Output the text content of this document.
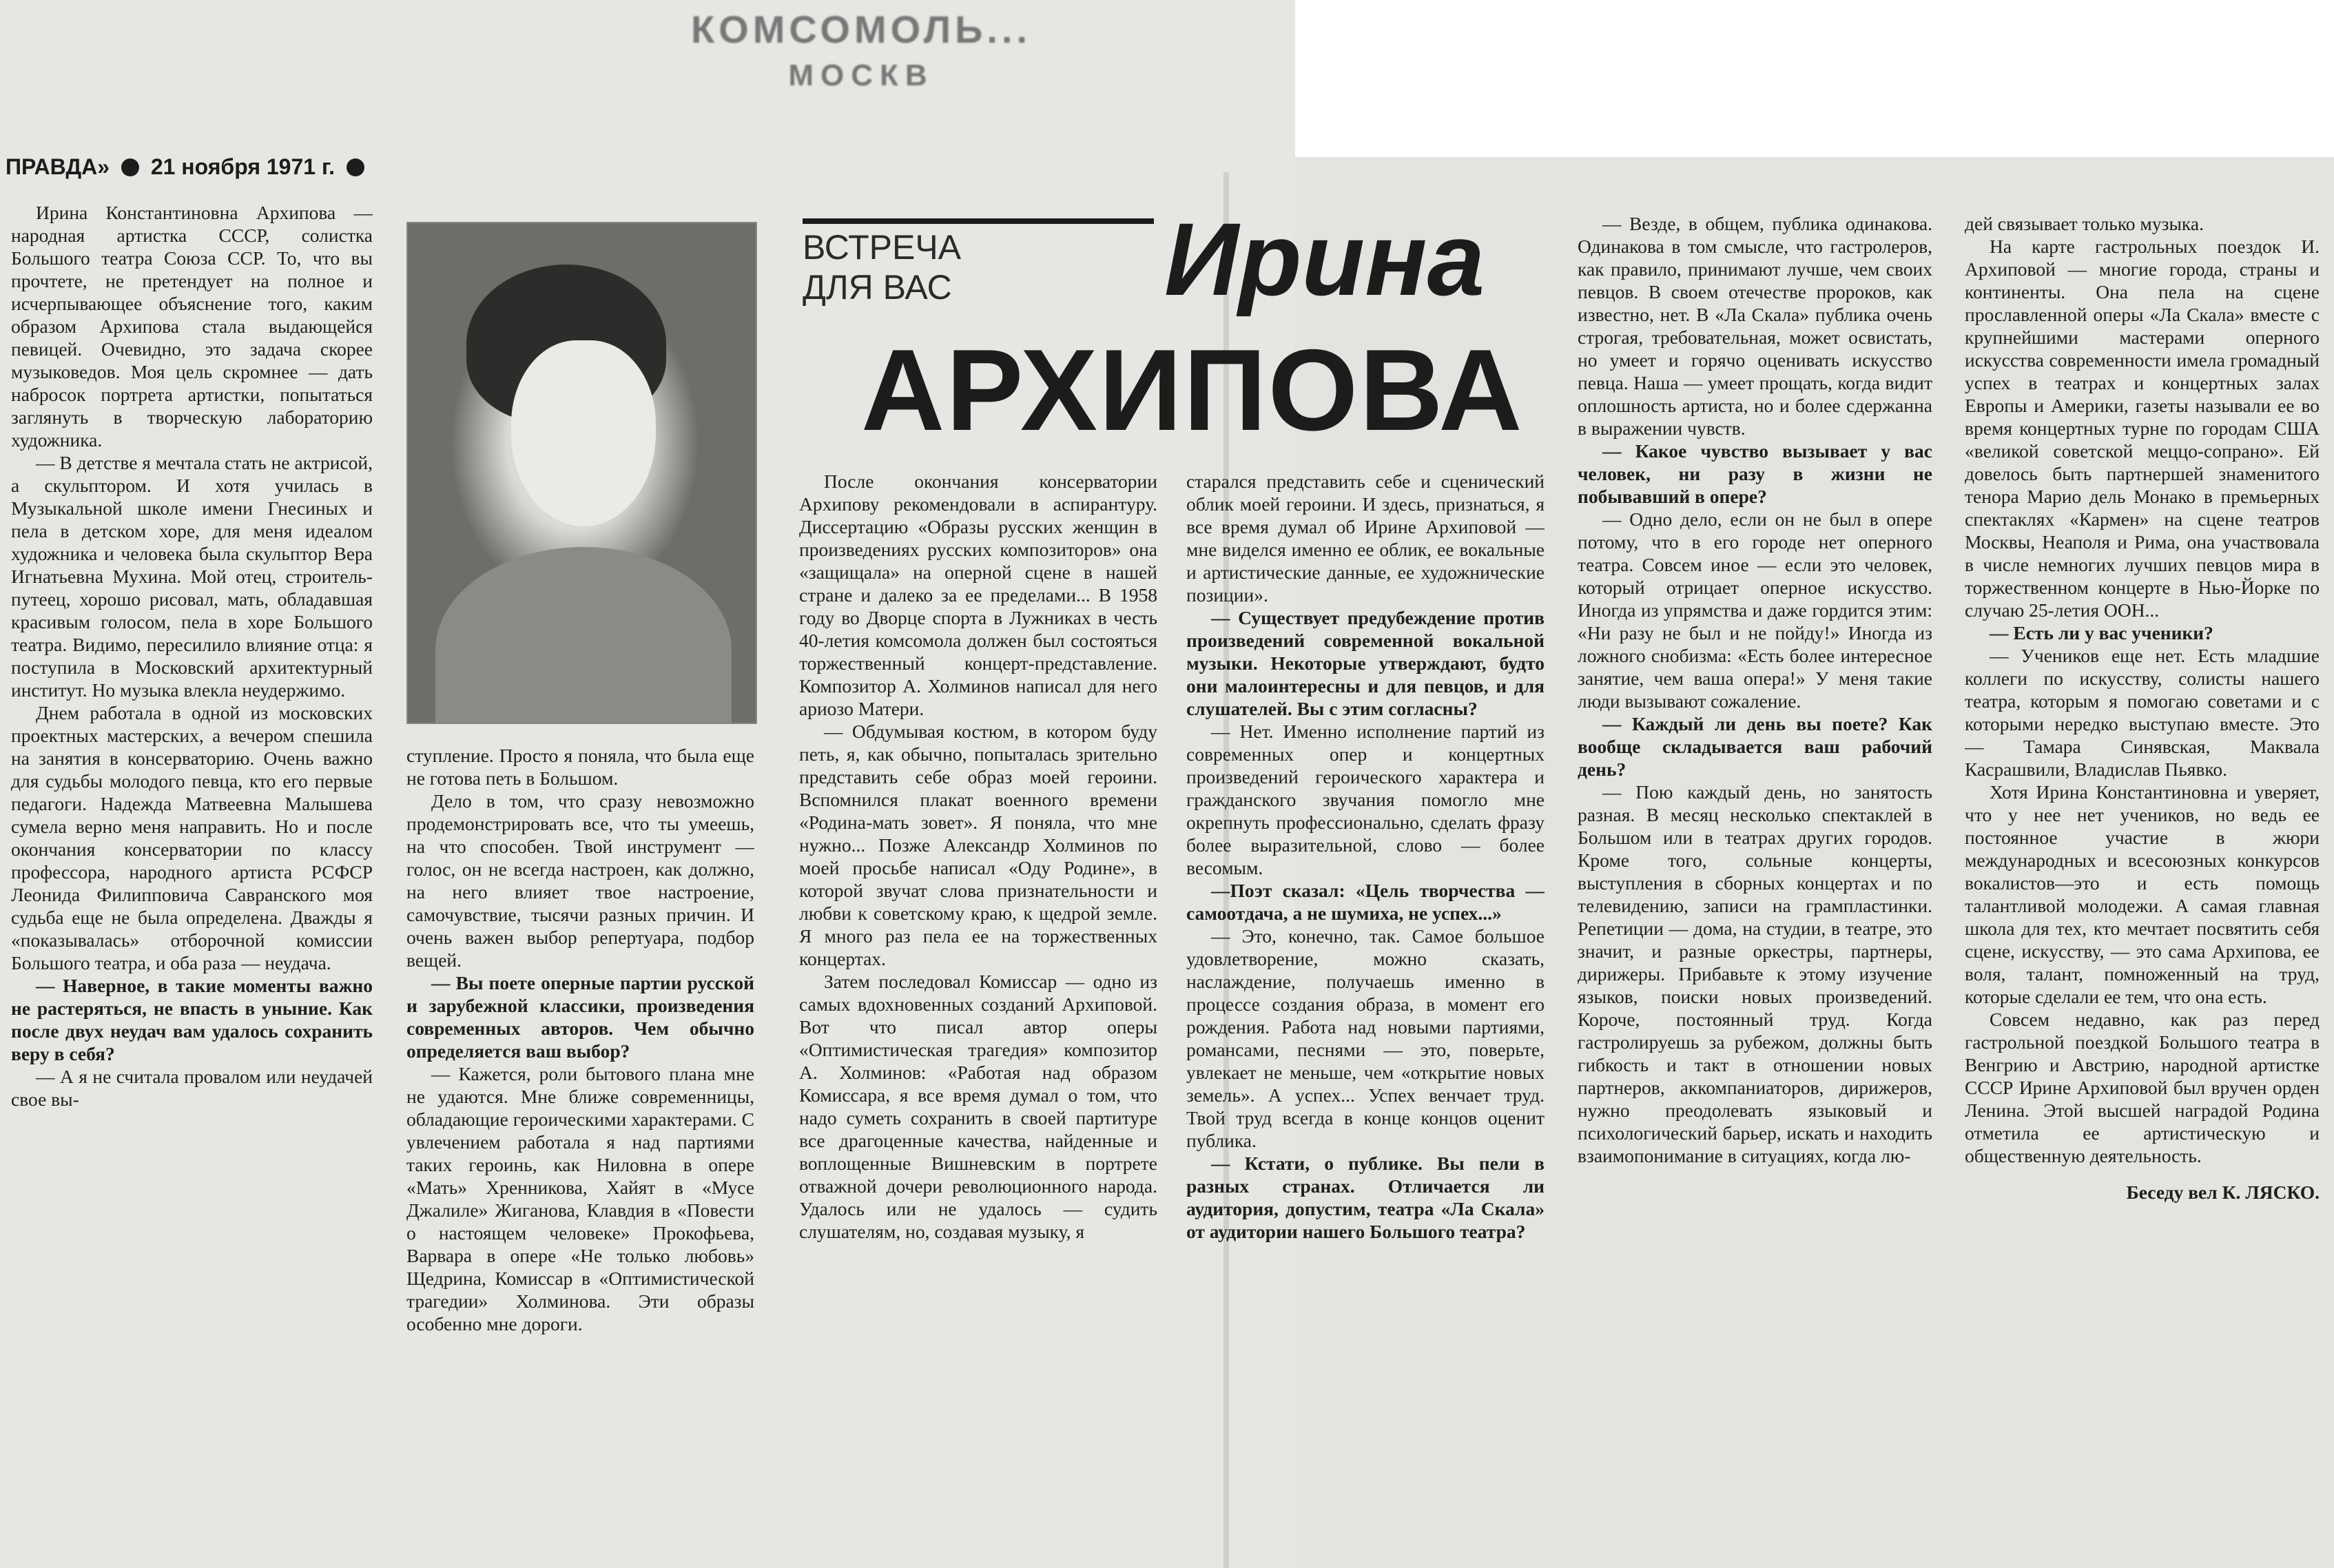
КОМСОМОЛЬ...
МОСКВ
ПРАВДА» 21 ноября 1971 г.
ВСТРЕЧА
ДЛЯ ВАС Ирина
АРХИПОВА

Ирина Константиновна Архипова — народная артистка СССР, солистка Большого театра Союза ССР. То, что вы прочтете, не претендует на полное и исчерпывающее объяснение того, каким образом Архипова стала выдающейся певицей. Очевидно, это задача скорее музыковедов. Моя цель скромнее — дать набросок портрета артистки, попытаться заглянуть в творческую лабораторию художника.

— В детстве я мечтала стать не актрисой, а скульптором. И хотя училась в Музыкальной школе имени Гнесиных и пела в детском хоре, для меня идеалом художника и человека была скульптор Вера Игнатьевна Мухина. Мой отец, строитель-путеец, хорошо рисовал, мать, обладавшая красивым голосом, пела в хоре Большого театра. Видимо, пересилило влияние отца: я поступила в Московский архитектурный институт. Но музыка влекла неудержимо.

Днем работала в одной из московских проектных мастерских, а вечером спешила на занятия в консерваторию. Очень важно для судьбы молодого певца, кто его первые педагоги. Надежда Матвеевна Малышева сумела верно меня направить. Но и после окончания консерватории по классу профессора, народного артиста РСФСР Леонида Филипповича Савранского моя судьба еще не была определена. Дважды я «показывалась» отборочной комиссии Большого театра, и оба раза — неудача.

— Наверное, в такие моменты важно не растеряться, не впасть в уныние. Как после двух неудач вам удалось сохранить веру в себя?

— А я не считала провалом или неудачей свое вы-

ступление. Просто я поняла, что была еще не готова петь в Большом.

Дело в том, что сразу невозможно продемонстрировать все, что ты умеешь, на что способен. Твой инструмент — голос, он не всегда настроен, как должно, на него влияет твое настроение, самочувствие, тысячи разных причин. И очень важен выбор репертуара, подбор вещей.

— Вы поете оперные партии русской и зарубежной классики, произведения современных авторов. Чем обычно определяется ваш выбор?

— Кажется, роли бытового плана мне не удаются. Мне ближе современницы, обладающие героическими характерами. С увлечением работала я над партиями таких героинь, как Ниловна в опере «Мать» Хренникова, Хайят в «Мусе Джалиле» Жиганова, Клавдия в «Повести о настоящем человеке» Прокофьева, Варвара в опере «Не только любовь» Щедрина, Комиссар в «Оптимистической трагедии» Холминова. Эти образы особенно мне дороги.

После окончания консерватории Архипову рекомендовали в аспирантуру. Диссертацию «Образы русских женщин в произведениях русских композиторов» она «защищала» на оперной сцене в нашей стране и далеко за ее пределами... В 1958 году во Дворце спорта в Лужниках в честь 40-летия комсомола должен был состояться торжественный концерт-представление. Композитор А. Холминов написал для него ариозо Матери.

— Обдумывая костюм, в котором буду петь, я, как обычно, попыталась зрительно представить себе образ моей героини. Вспомнился плакат военного времени «Родина-мать зовет». Я поняла, что мне нужно... Позже Александр Холминов по моей просьбе написал «Оду Родине», в которой звучат слова признательности и любви к советскому краю, к щедрой земле. Я много раз пела ее на торжественных концертах.

Затем последовал Комиссар — одно из самых вдохновенных созданий Архиповой. Вот что писал автор оперы «Оптимистическая трагедия» композитор А. Холминов: «Работая над образом Комиссара, я все время думал о том, что надо суметь сохранить в своей партитуре все драгоценные качества, найденные и воплощенные Вишневским в портрете отважной дочери революционного народа. Удалось или не удалось — судить слушателям, но, создавая музыку, я

старался представить себе и сценический облик моей героини. И здесь, признаться, я все время думал об Ирине Архиповой — мне виделся именно ее облик, ее вокальные и артистические данные, ее художнические позиции».

— Существует предубеждение против произведений современной вокальной музыки. Некоторые утверждают, будто они малоинтересны и для певцов, и для слушателей. Вы с этим согласны?

— Нет. Именно исполнение партий из современных опер и концертных произведений героического характера и гражданского звучания помогло мне окрепнуть профессионально, сделать фразу более выразительной, слово — более весомым.

—Поэт сказал: «Цель творчества — самоотдача, а не шумиха, не успех...»

— Это, конечно, так. Самое большое удовлетворение, можно сказать, наслаждение, получаешь именно в процессе создания образа, в момент его рождения. Работа над новыми партиями, романсами, песнями — это, поверьте, увлекает не меньше, чем «открытие новых земель». А успех... Успех венчает труд. Твой труд всегда в конце концов оценит публика.

— Кстати, о публике. Вы пели в разных странах. Отличается ли аудитория, допустим, театра «Ла Скала» от аудитории нашего Большого театра?

— Везде, в общем, публика одинакова. Одинакова в том смысле, что гастролеров, как правило, принимают лучше, чем своих певцов. В своем отечестве пророков, как известно, нет. В «Ла Скала» публика очень строгая, требовательная, может освистать, но умеет и горячо оценивать искусство певца. Наша — умеет прощать, когда видит оплошность артиста, но и более сдержанна в выражении чувств.

— Какое чувство вызывает у вас человек, ни разу в жизни не побывавший в опере?

— Одно дело, если он не был в опере потому, что в его городе нет оперного театра. Совсем иное — если это человек, который отрицает оперное искусство. Иногда из упрямства и даже гордится этим: «Ни разу не был и не пойду!» Иногда из ложного снобизма: «Есть более интересное занятие, чем ваша опера!» У меня такие люди вызывают сожаление.

— Каждый ли день вы поете? Как вообще складывается ваш рабочий день?

— Пою каждый день, но занятость разная. В месяц несколько спектаклей в Большом или в театрах других городов. Кроме того, сольные концерты, выступления в сборных концертах и по телевидению, записи на грампластинки. Репетиции — дома, на студии, в театре, это значит, и разные оркестры, партнеры, дирижеры. Прибавьте к этому изучение языков, поиски новых произведений. Короче, постоянный труд. Когда гастролируешь за рубежом, должны быть гибкость и такт в отношении новых партнеров, аккомпаниаторов, дирижеров, нужно преодолевать языковый и психологический барьер, искать и находить взаимопонимание в ситуациях, когда лю-

дей связывает только музыка.

На карте гастрольных поездок И. Архиповой — многие города, страны и континенты. Она пела на сцене прославленной оперы «Ла Скала» вместе с крупнейшими мастерами оперного искусства современности имела громадный успех в театрах и концертных залах Европы и Америки, газеты называли ее во время концертных турне по городам США «великой советской меццо-сопрано». Ей довелось быть партнершей знаменитого тенора Марио дель Монако в премьерных спектаклях «Кармен» на сцене театров Москвы, Неаполя и Рима, она участвовала в числе немногих лучших певцов мира в торжественном концерте в Нью-Йорке по случаю 25-летия ООН...

— Есть ли у вас ученики?

— Учеников еще нет. Есть младшие коллеги по искусству, солисты нашего театра, которым я помогаю советами и с которыми нередко выступаю вместе. Это — Тамара Синявская, Маквала Касрашвили, Владислав Пьявко.

Хотя Ирина Константиновна и уверяет, что у нее нет учеников, но ведь ее постоянное участие в жюри международных и всесоюзных конкурсов вокалистов—это и есть помощь талантливой молодежи. А самая главная школа для тех, кто мечтает посвятить себя сцене, искусству, — это сама Архипова, ее воля, талант, помноженный на труд, которые сделали ее тем, что она есть.

Совсем недавно, как раз перед гастрольной поездкой Большого театра в Венгрию и Австрию, народной артистке СССР Ирине Архиповой был вручен орден Ленина. Этой высшей наградой Родина отметила ее артистическую и общественную деятельность.

Беседу вел К. ЛЯСКО.
